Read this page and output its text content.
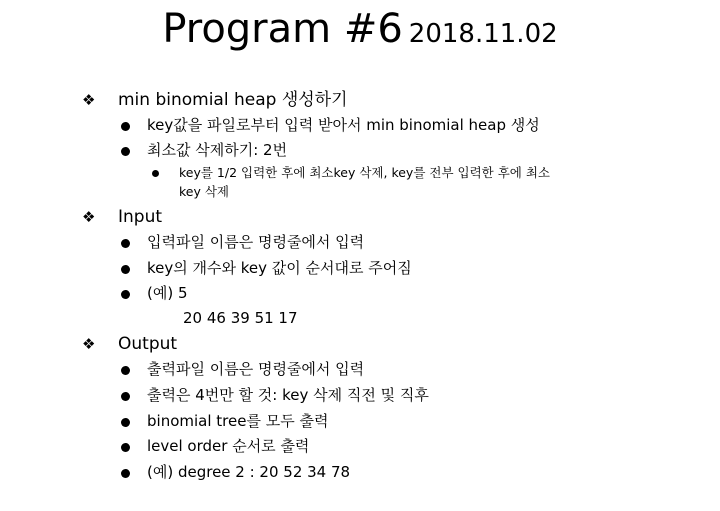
Program #6 2018.11.02
❖ min binomial heap 생성하기
key값을 파일로부터 입력 받아서 min binomial heap 생성
최소값 삭제하기: 2번
key를 1/2 입력한 후에 최소key 삭제, key를 전부 입력한 후에 최소
key 삭제
❖ Input
입력파일 이름은 명령줄에서 입력
key의 개수와 key 값이 순서대로 주어짐
(예) 5
20 46 39 51 17
❖ Output
출력파일 이름은 명령줄에서 입력
출력은 4번만 할 것: key 삭제 직전 및 직후
binomial tree를 모두 출력
level order 순서로 출력
(예) degree 2 : 20 52 34 78
